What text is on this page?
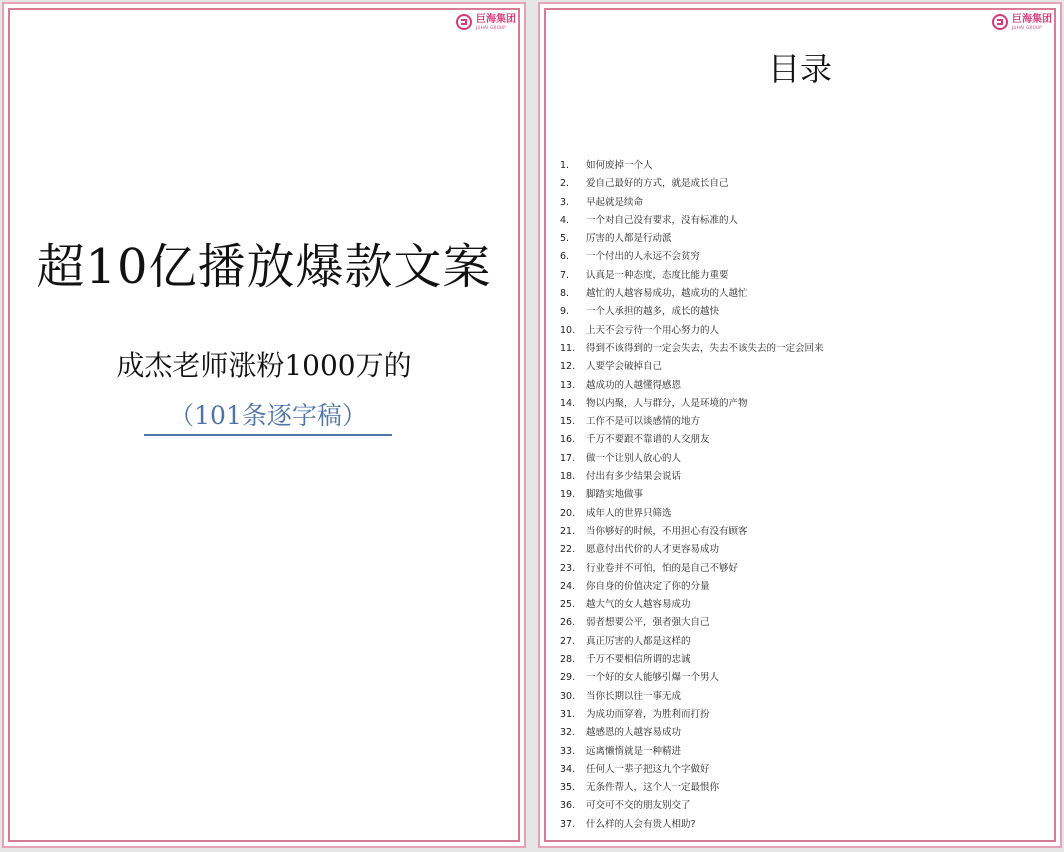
巨海集团
JUHAI GROUP
超10亿播放爆款文案
成杰老师涨粉1000万的
（101条逐字稿）
巨海集团
JUHAI GROUP
目录
1.	如何废掉一个人
2.	爱自己最好的方式，就是成长自己
3.	早起就是续命
4.	一个对自己没有要求，没有标准的人
5.	厉害的人都是行动派
6.	一个付出的人永远不会贫穷
7.	认真是一种态度，态度比能力重要
8.	越忙的人越容易成功，越成功的人越忙
9.	一个人承担的越多，成长的越快
10.	上天不会亏待一个用心努力的人
11.	得到不该得到的一定会失去，失去不该失去的一定会回来
12.	人要学会破掉自己
13.	越成功的人越懂得感恩
14.	物以内聚，人与群分，人是环境的产物
15.	工作不是可以谈感情的地方
16.	千万不要跟不靠谱的人交朋友
17.	做一个让别人放心的人
18.	付出有多少结果会说话
19.	脚踏实地做事
20.	成年人的世界只筛选
21.	当你够好的时候，不用担心有没有顾客
22.	愿意付出代价的人才更容易成功
23.	行业卷并不可怕，怕的是自己不够好
24.	你自身的价值决定了你的分量
25.	越大气的女人越容易成功
26.	弱者想要公平，强者强大自己
27.	真正厉害的人都是这样的
28.	千万不要相信所谓的忠诚
29.	一个好的女人能够引爆一个男人
30.	当你长期以往一事无成
31.	为成功而穿着，为胜利而打扮
32.	越感恩的人越容易成功
33.	远离懒惰就是一种精进
34.	任何人一辈子把这九个字做好
35.	无条件帮人，这个人一定最恨你
36.	可交可不交的朋友别交了
37.	什么样的人会有贵人相助?
